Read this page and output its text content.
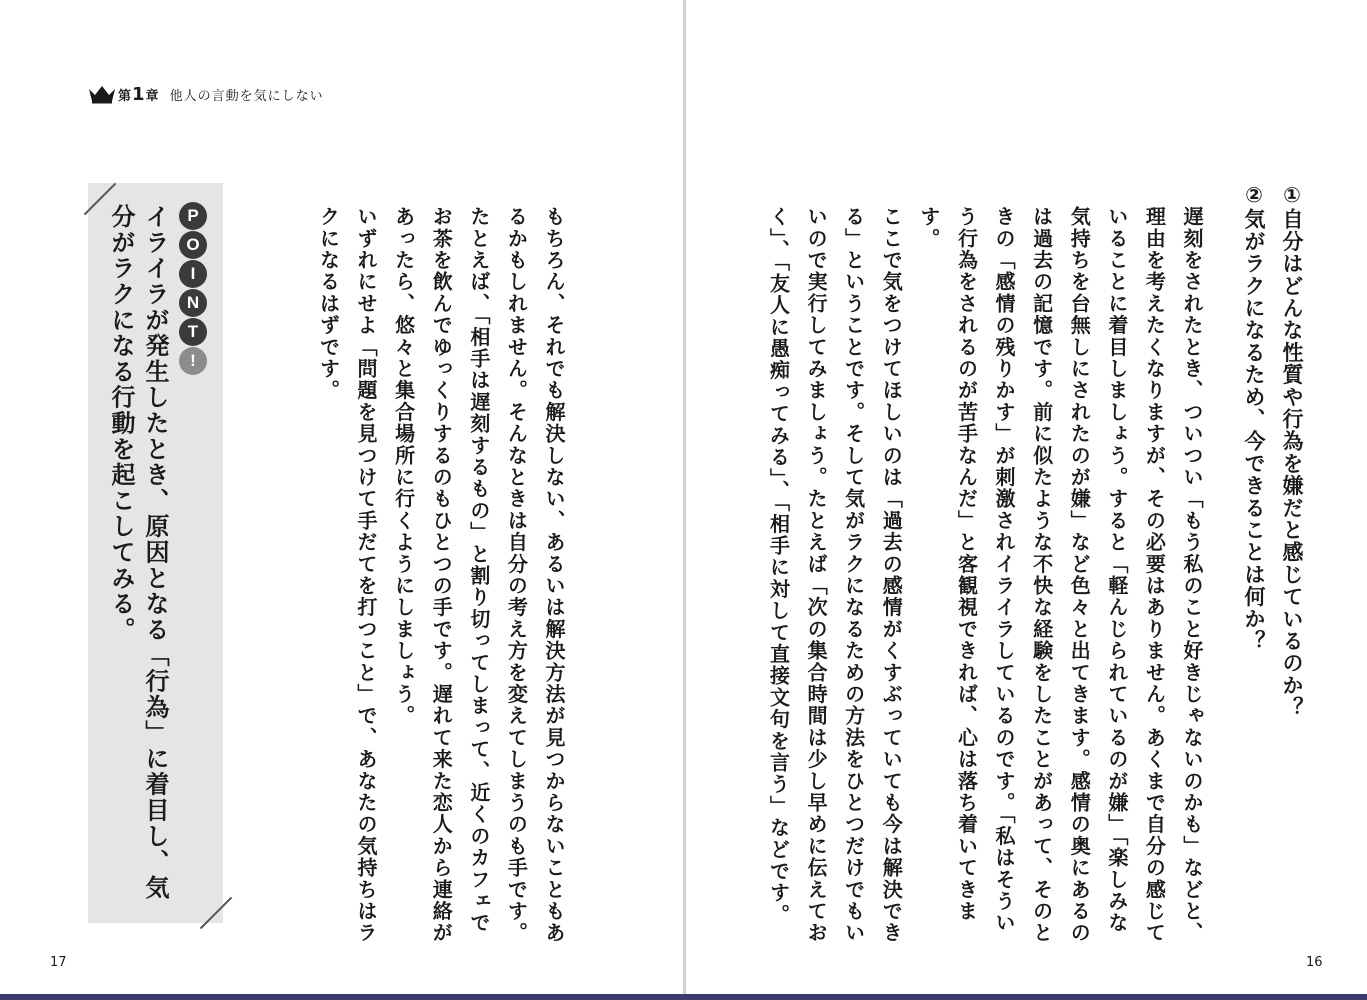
第1章 他人の言動を気にしない
P
O
I
N
T
!
イライラが発生したとき、原因となる「行為」に着目し、気分がラクになる行動を起こしてみる。	もちろん、それでも解決しない、あるいは解決方法が見つからないこともあるかもしれません。そんなときは自分の考え方を変えてしまうのも手です。
たとえば、「相手は遅刻するもの」と割り切ってしまって、近くのカフェでお茶を飲んでゆっくりするのもひとつの手です。遅れて来た恋人から連絡があったら、悠々と集合場所に行くようにしましょう。
いずれにせよ「問題を見つけて手だてを打つこと」で、あなたの気持ちはラクになるはずです。
17
①自分はどんな性質や行為を嫌だと感じているのか？
②気がラクになるため、今できることは何か？
遅刻をされたとき、ついつい「もう私のこと好きじゃないのかも」などと、理由を考えたくなりますが、その必要はありません。あくまで自分の感じていることに着目しましょう。すると「軽んじられているのが嫌」「楽しみな気持ちを台無しにされたのが嫌」など色々と出てきます。感情の奥にあるのは過去の記憶です。前に似たような不快な経験をしたことがあって、そのときの「感情の残りかす」が刺激されイライラしているのです。「私はそういう行為をされるのが苦手なんだ」と客観視できれば、心は落ち着いてきます。
ここで気をつけてほしいのは「過去の感情がくすぶっていても今は解決できる」ということです。そして気がラクになるための方法をひとつだけでもいいので実行してみましょう。たとえば「次の集合時間は少し早めに伝えておく」、「友人に愚痴ってみる」、「相手に対して直接文句を言う」などです。
16
